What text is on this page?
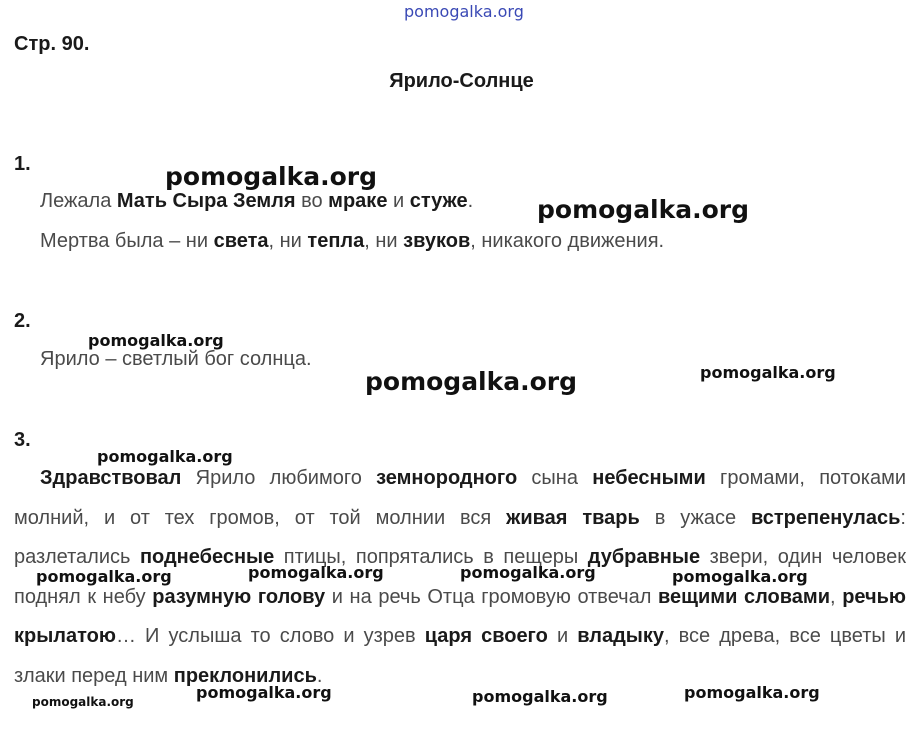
pomogalka.org
Стр. 90.
Ярило-Солнце
1.
Лежала Мать Сыра Земля во мраке и стуже.
Мертва была – ни света, ни тепла, ни звуков, никакого движения.
2.
Ярило – светлый бог солнца.
3.
Здравствовал Ярило любимого земнородного сына небесными громами, потоками молний, и от тех громов, от той молнии вся живая тварь в ужасе встрепенулась: разлетались поднебесные птицы, попрятались в пещеры дубравные звери, один человек поднял к небу разумную голову и на речь Отца громовую отвечал вещими словами, речью крылатою… И услыша то слово и узрев царя своего и владыку, все древа, все цветы и злаки перед ним преклонились.
pomogalka.org
pomogalka.org
pomogalka.org
pomogalka.org	pomogalka.org
pomogalka.org
pomogalka.org	pomogalka.org	pomogalka.org	pomogalka.org
pomogalka.org	pomogalka.org	pomogalka.org	pomogalka.org
